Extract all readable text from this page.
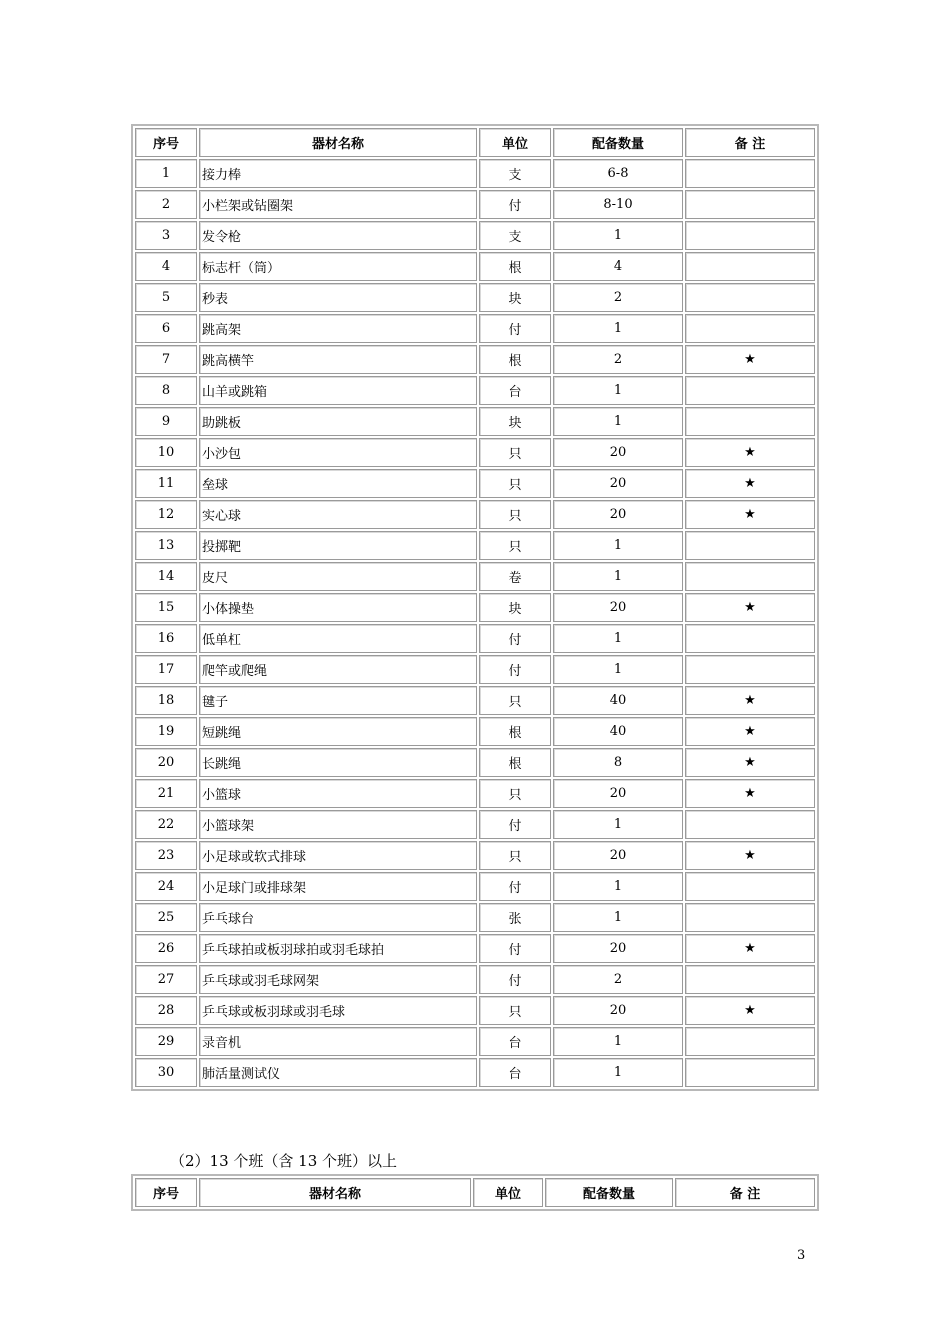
序号	器材名称	单位	配备数量	备 注
1	接力棒	支	6-8	
2	小栏架或钻圈架	付	8-10	
3	发令枪	支	1	
4	标志杆（筒）	根	4	
5	秒表	块	2	
6	跳高架	付	1	
7	跳高横竿	根	2	★
8	山羊或跳箱	台	1	
9	助跳板	块	1	
10	小沙包	只	20	★
11	垒球	只	20	★
12	实心球	只	20	★
13	投掷靶	只	1	
14	皮尺	卷	1	
15	小体操垫	块	20	★
16	低单杠	付	1	
17	爬竿或爬绳	付	1	
18	毽子	只	40	★
19	短跳绳	根	40	★
20	长跳绳	根	8	★
21	小篮球	只	20	★
22	小篮球架	付	1	
23	小足球或软式排球	只	20	★
24	小足球门或排球架	付	1	
25	乒乓球台	张	1	
26	乒乓球拍或板羽球拍或羽毛球拍	付	20	★
27	乒乓球或羽毛球网架	付	2	
28	乒乓球或板羽球或羽毛球	只	20	★
29	录音机	台	1	
30	肺活量测试仪	台	1	
（2）13 个班（含 13 个班）以上
序号	器材名称	单位	配备数量	备 注
3
